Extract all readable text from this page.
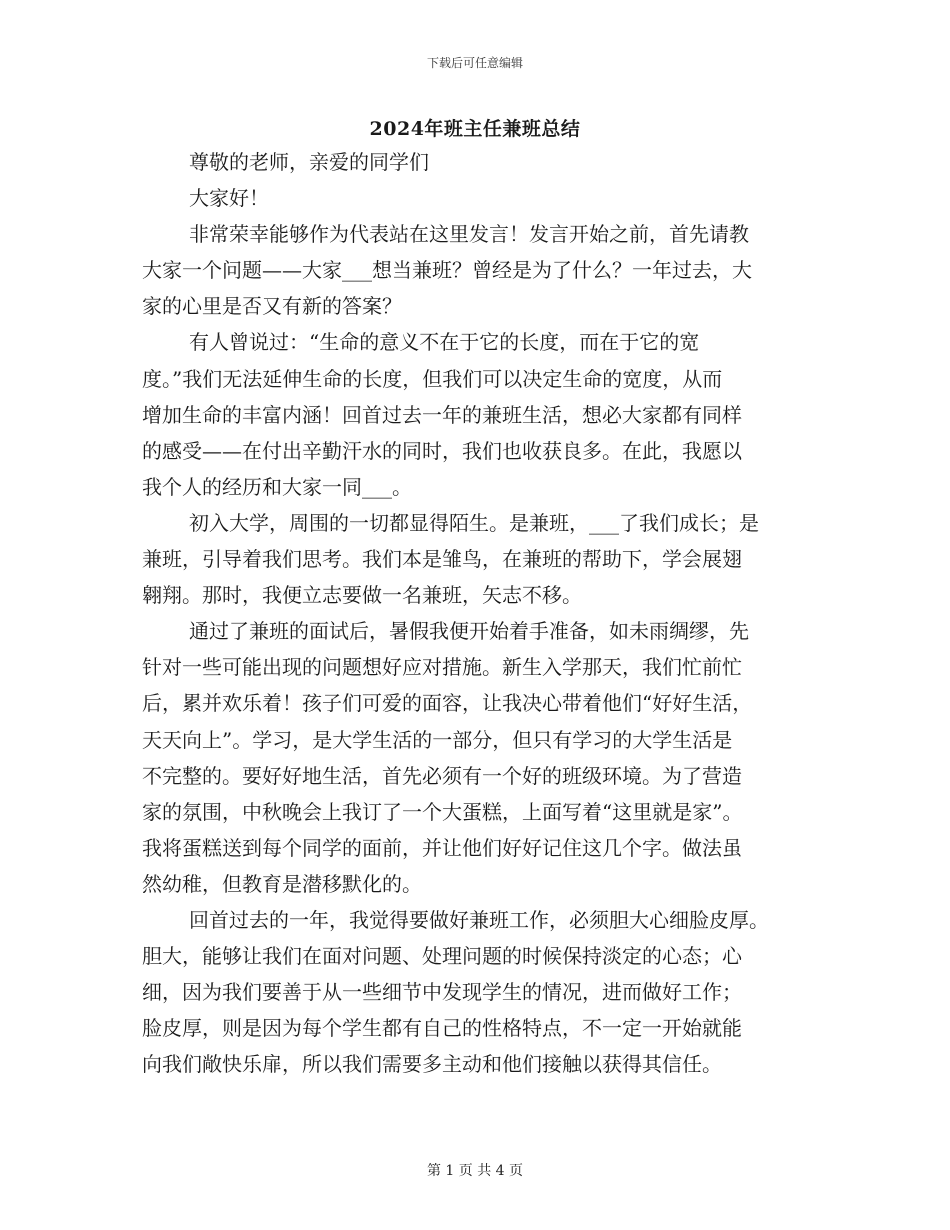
下载后可任意编辑
2024年班主任兼班总结
尊敬的老师，亲爱的同学们
大家好！
非常荣幸能够作为代表站在这里发言！发言开始之前，首先请教
大家一个问题——大家___想当兼班？曾经是为了什么？一年过去，大
家的心里是否又有新的答案？
有人曾说过：“生命的意义不在于它的长度，而在于它的宽
度。”我们无法延伸生命的长度，但我们可以决定生命的宽度，从而
增加生命的丰富内涵！回首过去一年的兼班生活，想必大家都有同样
的感受——在付出辛勤汗水的同时，我们也收获良多。在此，我愿以
我个人的经历和大家一同___。
初入大学，周围的一切都显得陌生。是兼班，___了我们成长；是
兼班，引导着我们思考。我们本是雏鸟，在兼班的帮助下，学会展翅
翱翔。那时，我便立志要做一名兼班，矢志不移。
通过了兼班的面试后，暑假我便开始着手准备，如未雨绸缪，先
针对一些可能出现的问题想好应对措施。新生入学那天，我们忙前忙
后，累并欢乐着！孩子们可爱的面容，让我决心带着他们“好好生活，
天天向上”。学习，是大学生活的一部分，但只有学习的大学生活是
不完整的。要好好地生活，首先必须有一个好的班级环境。为了营造
家的氛围，中秋晚会上我订了一个大蛋糕，上面写着“这里就是家”。
我将蛋糕送到每个同学的面前，并让他们好好记住这几个字。做法虽
然幼稚，但教育是潜移默化的。
回首过去的一年，我觉得要做好兼班工作，必须胆大心细脸皮厚。
胆大，能够让我们在面对问题、处理问题的时候保持淡定的心态；心
细，因为我们要善于从一些细节中发现学生的情况，进而做好工作；
脸皮厚，则是因为每个学生都有自己的性格特点，不一定一开始就能
向我们敞快乐扉，所以我们需要多主动和他们接触以获得其信任。
第 1 页 共 4 页
